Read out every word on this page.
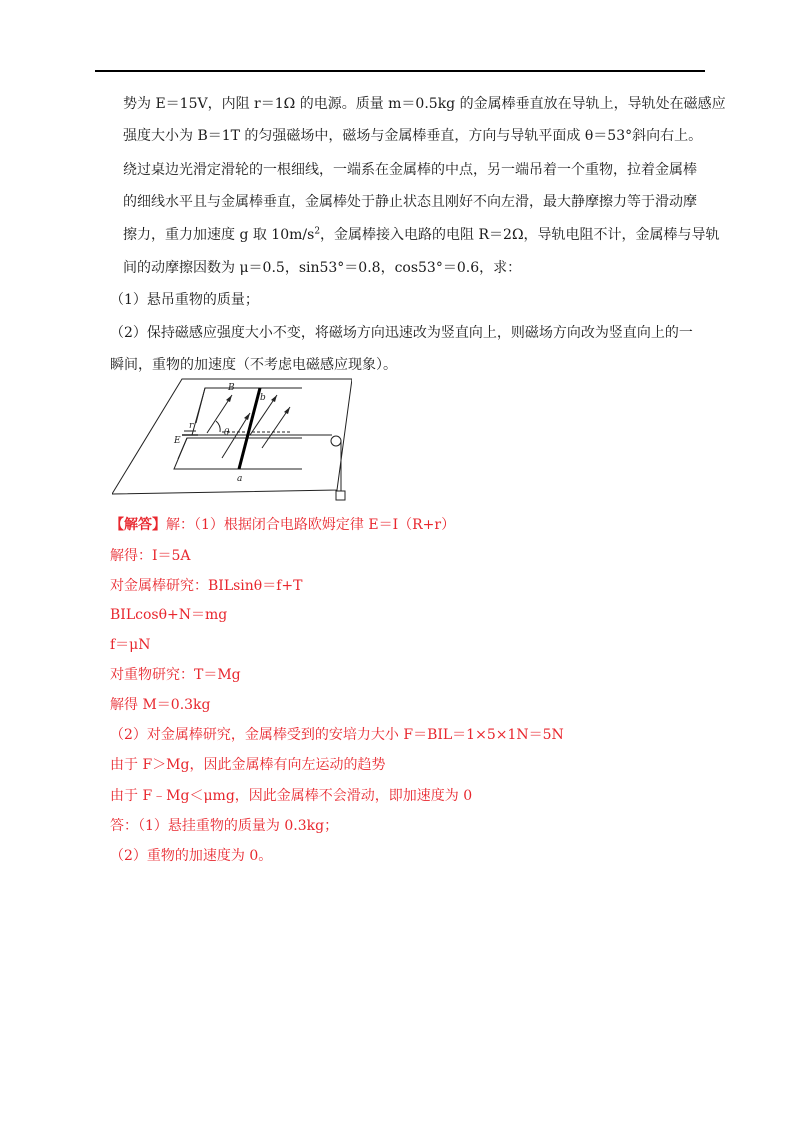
势为 E＝15V，内阻 r＝1Ω 的电源。质量 m＝0.5kg 的金属棒垂直放在导轨上，导轨处在磁感应
强度大小为 B＝1T 的匀强磁场中，磁场与金属棒垂直，方向与导轨平面成 θ＝53°斜向右上。
绕过桌边光滑定滑轮的一根细线，一端系在金属棒的中点，另一端吊着一个重物，拉着金属棒
的细线水平且与金属棒垂直，金属棒处于静止状态且刚好不向左滑，最大静摩擦力等于滑动摩
擦力，重力加速度 g 取 $10m/s^2$，金属棒接入电路的电阻 R＝2Ω，导轨电阻不计，金属棒与导轨
间的动摩擦因数为 μ＝0.5，sin53°＝0.8，cos53°＝0.6，求：
（1）悬吊重物的质量；
（2）保持磁感应强度大小不变，将磁场方向迅速改为竖直向上，则磁场方向改为竖直向上的一
瞬间，重物的加速度（不考虑电磁感应现象）。
B
b
a
r
E
θ
【解答】解：（1）根据闭合电路欧姆定律 E＝I（R+r）
解得：I＝5A
对金属棒研究：BILsinθ＝f+T
BILcosθ+N＝mg
f＝μN
对重物研究：T＝Mg
解得 M＝0.3kg
（2）对金属棒研究，金属棒受到的安培力大小 F＝BIL＝1×5×1N＝5N
由于 F＞Mg，因此金属棒有向左运动的趋势
由于 F﹣Mg＜μmg，因此金属棒不会滑动，即加速度为 0
答：（1）悬挂重物的质量为 0.3kg；
（2）重物的加速度为 0。
